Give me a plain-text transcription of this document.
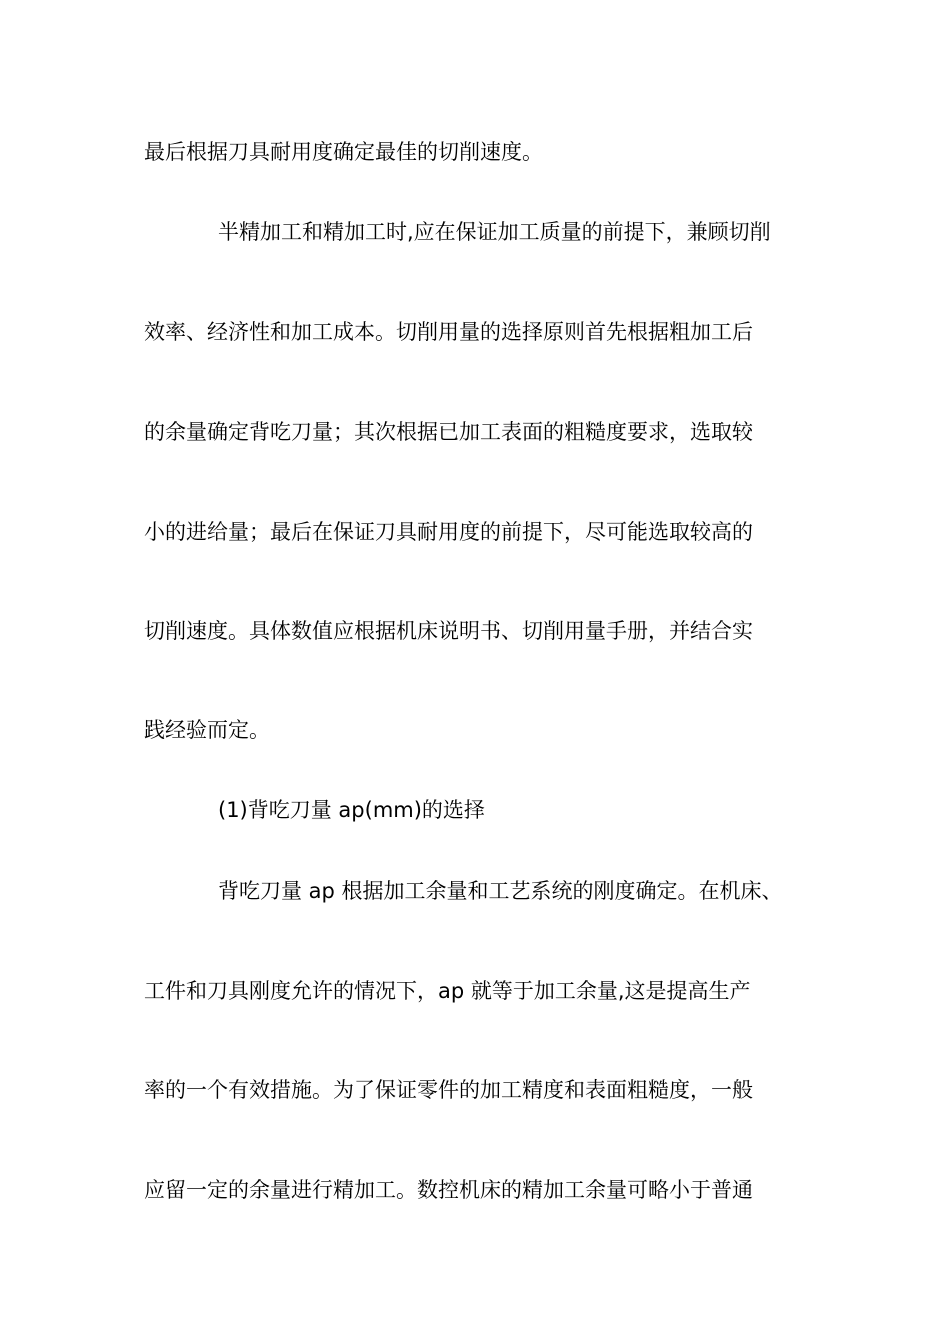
最后根据刀具耐用度确定最佳的切削速度。
半精加工和精加工时,应在保证加工质量的前提下，兼顾切削
效率、经济性和加工成本。切削用量的选择原则首先根据粗加工后
的余量确定背吃刀量；其次根据已加工表面的粗糙度要求，选取较
小的进给量；最后在保证刀具耐用度的前提下，尽可能选取较高的
切削速度。具体数值应根据机床说明书、切削用量手册，并结合实
践经验而定。
(1)背吃刀量 ap(mm)的选择
背吃刀量 ap 根据加工余量和工艺系统的刚度确定。在机床、
工件和刀具刚度允许的情况下，ap 就等于加工余量,这是提高生产
率的一个有效措施。为了保证零件的加工精度和表面粗糙度，一般
应留一定的余量进行精加工。数控机床的精加工余量可略小于普通
